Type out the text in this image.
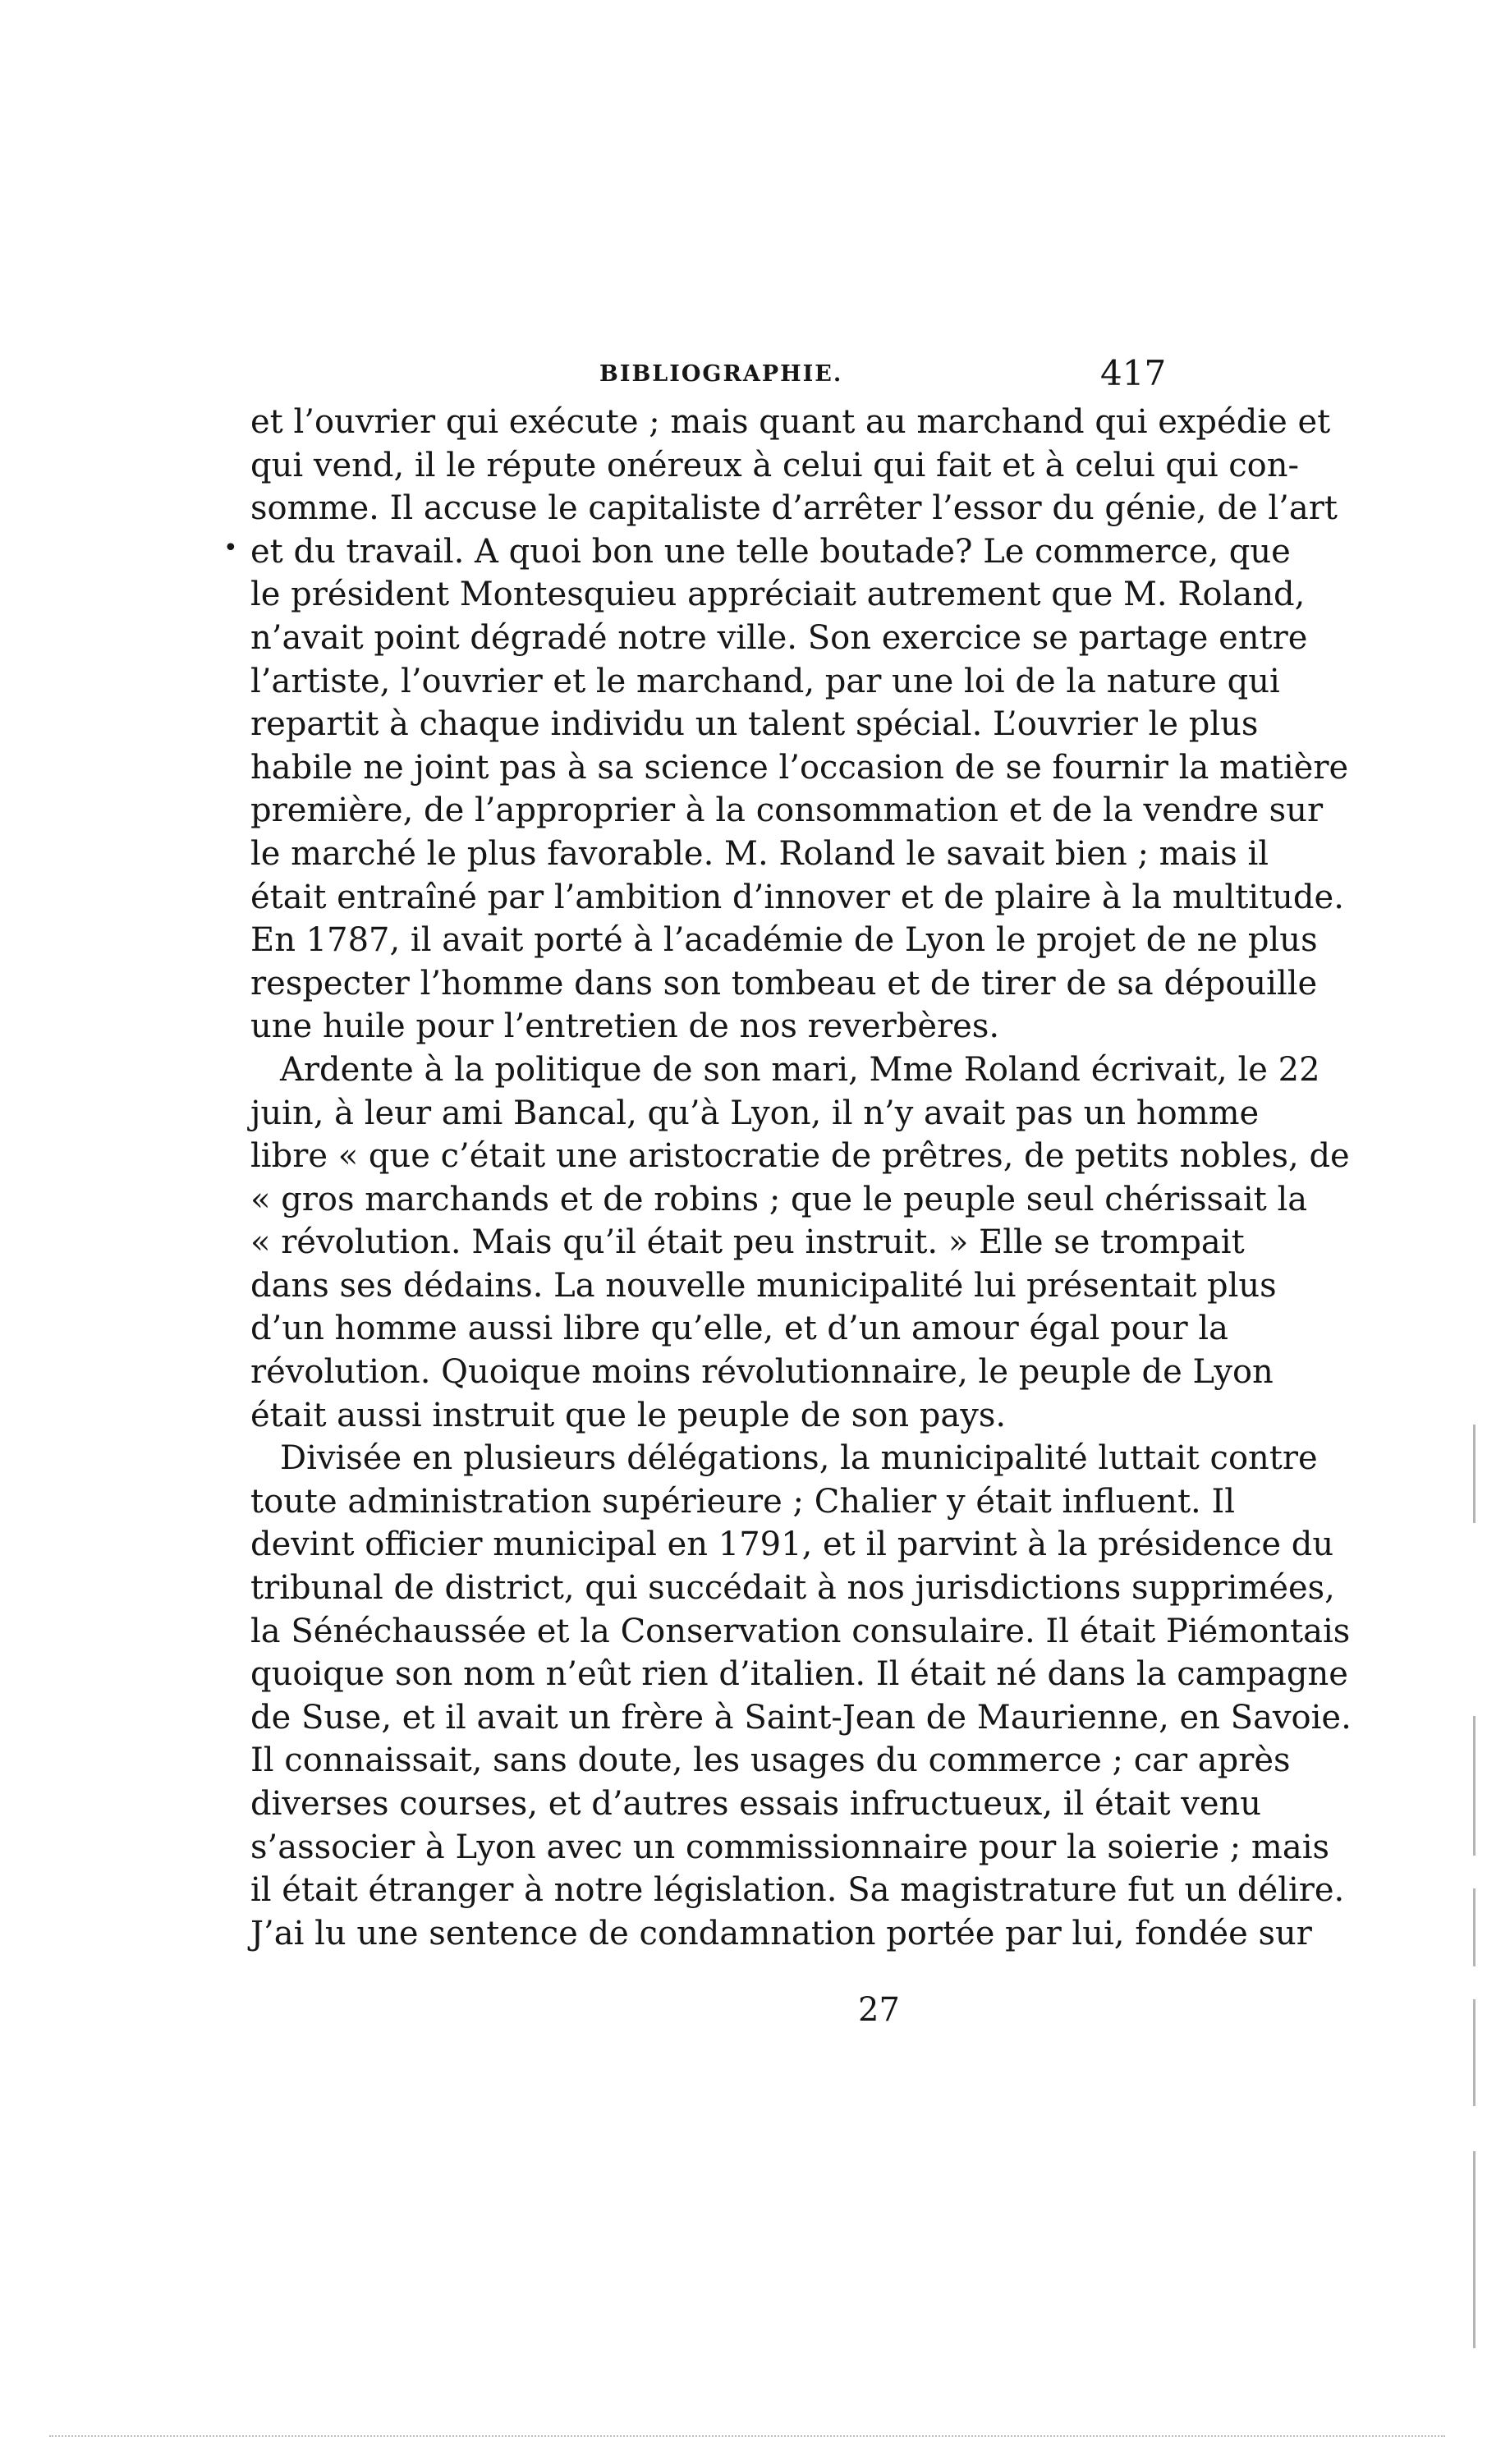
BIBLIOGRAPHIE.	417
•
et l’ouvrier qui exécute ; mais quant au marchand qui expédie et
qui vend, il le répute onéreux à celui qui fait et à celui qui con-
somme. Il accuse le capitaliste d’arrêter l’essor du génie, de l’art
et du travail. A quoi bon une telle boutade? Le commerce, que
le président Montesquieu appréciait autrement que M. Roland,
n’avait point dégradé notre ville. Son exercice se partage entre
l’artiste, l’ouvrier et le marchand, par une loi de la nature qui
repartit à chaque individu un talent spécial. L’ouvrier le plus
habile ne joint pas à sa science l’occasion de se fournir la matière
première, de l’approprier à la consommation et de la vendre sur
le marché le plus favorable. M. Roland le savait bien ; mais il
était entraîné par l’ambition d’innover et de plaire à la multitude.
En 1787, il avait porté à l’académie de Lyon le projet de ne plus
respecter l’homme dans son tombeau et de tirer de sa dépouille
une huile pour l’entretien de nos reverbères.
Ardente à la politique de son mari, Mme Roland écrivait, le 22
juin, à leur ami Bancal, qu’à Lyon, il n’y avait pas un homme
libre « que c’était une aristocratie de prêtres, de petits nobles, de
« gros marchands et de robins ; que le peuple seul chérissait la
« révolution. Mais qu’il était peu instruit. » Elle se trompait
dans ses dédains. La nouvelle municipalité lui présentait plus
d’un homme aussi libre qu’elle, et d’un amour égal pour la
révolution. Quoique moins révolutionnaire, le peuple de Lyon
était aussi instruit que le peuple de son pays.
Divisée en plusieurs délégations, la municipalité luttait contre
toute administration supérieure ; Chalier y était influent. Il
devint officier municipal en 1791, et il parvint à la présidence du
tribunal de district, qui succédait à nos jurisdictions supprimées,
la Sénéchaussée et la Conservation consulaire. Il était Piémontais
quoique son nom n’eût rien d’italien. Il était né dans la campagne
de Suse, et il avait un frère à Saint-Jean de Maurienne, en Savoie.
Il connaissait, sans doute, les usages du commerce ; car après
diverses courses, et d’autres essais infructueux, il était venu
s’associer à Lyon avec un commissionnaire pour la soierie ; mais
il était étranger à notre législation. Sa magistrature fut un délire.
J’ai lu une sentence de condamnation portée par lui, fondée sur
27
